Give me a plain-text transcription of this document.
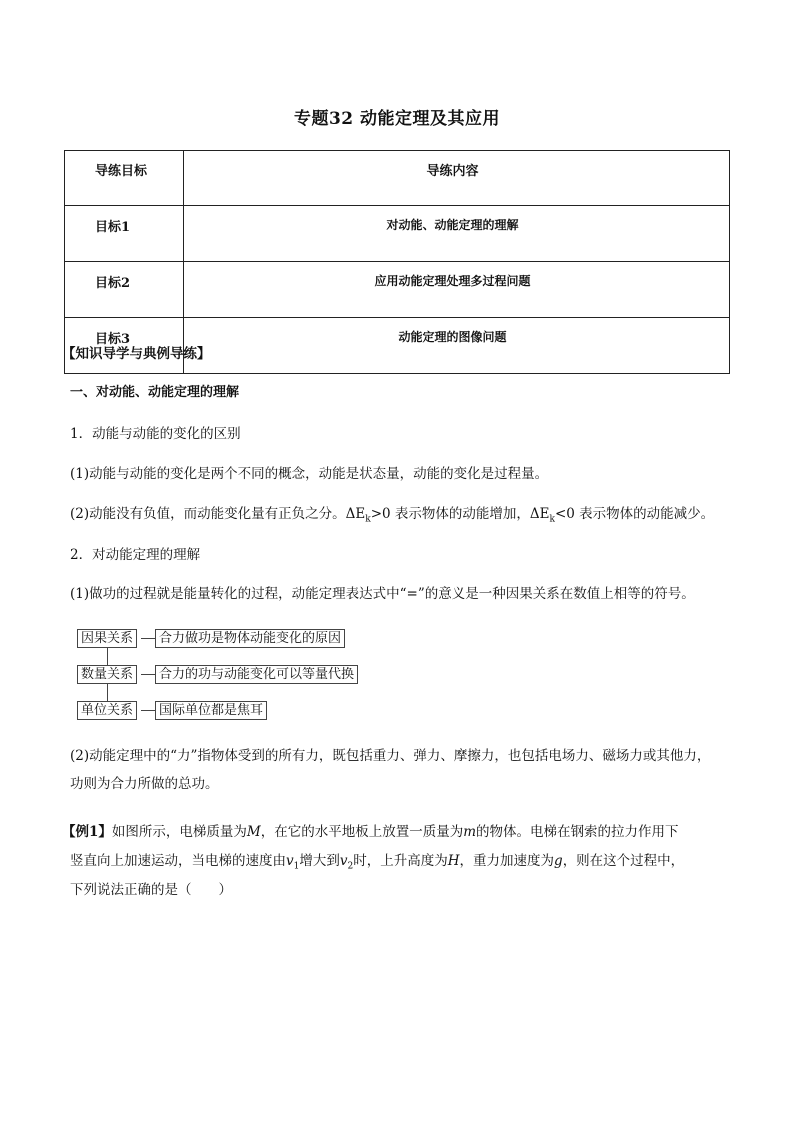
专题32 动能定理及其应用
导练目标	导练内容
目标1	对动能、动能定理的理解
目标2	应用动能定理处理多过程问题
目标3	动能定理的图像问题
【知识导学与典例导练】
一、对动能、动能定理的理解
1．动能与动能的变化的区别
(1)动能与动能的变化是两个不同的概念，动能是状态量，动能的变化是过程量。
(2)动能没有负值，而动能变化量有正负之分。$\Delta E_k>0$ 表示物体的动能增加，$\Delta E_k<0$ 表示物体的动能减少。
2．对动能定理的理解
(1)做功的过程就是能量转化的过程，动能定理表达式中“=”的意义是一种因果关系在数值上相等的符号。
因果关系	合力做功是物体动能变化的原因
数量关系	合力的功与动能变化可以等量代换
单位关系	国际单位都是焦耳
(2)动能定理中的“力”指物体受到的所有力，既包括重力、弹力、摩擦力，也包括电场力、磁场力或其他力，
功则为合力所做的总功。
【例1】如图所示，电梯质量为M，在它的水平地板上放置一质量为m的物体。电梯在钢索的拉力作用下
竖直向上加速运动，当电梯的速度由$v_1$增大到$v_2$时，上升高度为H，重力加速度为g，则在这个过程中，
下列说法正确的是（　　）
